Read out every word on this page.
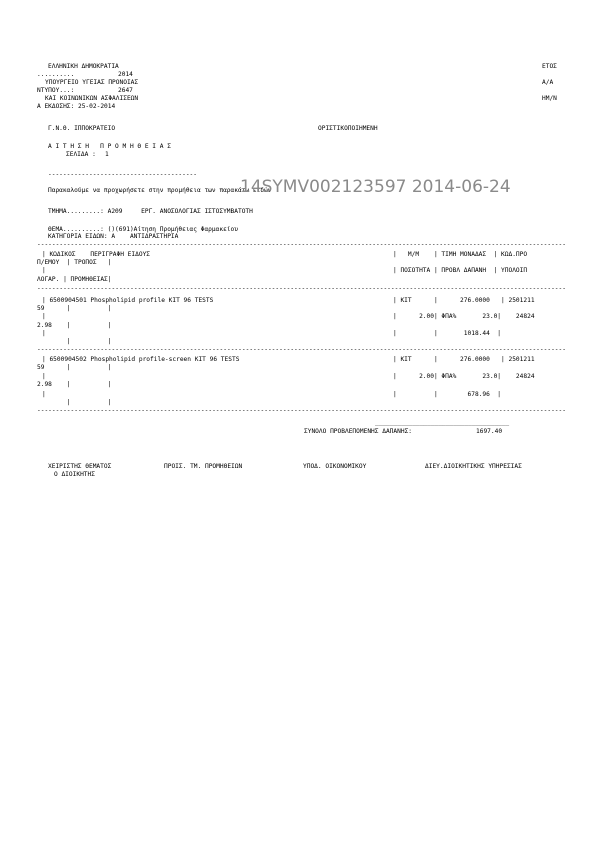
ΕΛΛΗΝΙΚΗ ΔΗΜΟΚΡΑΤΙΑ	ΕΤΟΣ
..........	2014
ΥΠΟΥΡΓΕΙΟ ΥΓΕΙΑΣ ΠΡΟΝΟΙΑΣ	Α/Α
ΝΤΥΠΟΥ...:	2647
ΚΑΙ ΚΟΙΝΩΝΙΚΩΝ ΑΣΦΑΛΙΣΕΩΝ	ΗΜ/Ν
Α ΕΚΔΟΣΗΣ: 25-02-2014
Γ.Ν.Θ. ΙΠΠΟΚΡΑΤΕΙΟ	ΟΡΙΣΤΙΚΟΠΟΙΗΜΕΝΗ
Α Ι Τ Η Σ Η   Π Ρ Ο Μ Η Θ Ε Ι Α Σ
ΣΕΛΙΔΑ : 1
----------------------------------------
Παρακαλούμε να προχωρήσετε στην προμήθεια των παρακάτω ειδών
14SYMV002123597 2014-06-24
ΤΜΗΜΑ.........: Α209     ΕΡΓ. ΑΝΟΣΟΛΟΓΙΑΣ ΙΣΤΟΣΥΜΒΑΤΟΤΗ
ΘΕΜΑ..........: ()(691)Αίτηση Προμήθειας Φαρμακείου
ΚΑΤΗΓΟΡΙΑ ΕΙΔΩΝ: Α    ΑΝΤΙΔΡΑΣΤΗΡΙΑ
----------------------------------------------------------------------------------------------------------------------------------------------
| ΚΩΔΙΚΟΣ    ΠΕΡΙΓΡΑΦΗ ΕΙΔΟΥΣ	|   Μ/Μ    | ΤΙΜΗ ΜΟΝΑΔΑΣ  | ΚΩΔ.ΠΡΟ
Π/ΕΜΟΥ  | ΤΡΟΠΟΣ   |
|	| ΠΟΣΟΤΗΤΑ | ΠΡΟΒΛ ΔΑΠΑΝΗ  | ΥΠΟΛΟΙΠ
ΛΟΓΑΡ. | ΠΡΟΜΗΘΕΙΑΣ|
----------------------------------------------------------------------------------------------------------------------------------------------
| 6500904501 Phospholipid profile KIT 96 TESTS	| KIT      |      276.0000   | 2501211
59      |          |
|	|      2.00| ΦΠΑ%       23.0|    24824
2.98    |          |
|	|          |       1018.44  |
|          |
----------------------------------------------------------------------------------------------------------------------------------------------
| 6500904502 Phospholipid profile-screen KIT 96 TESTS	| KIT      |      276.0000   | 2501211
59      |          |
|	|      2.00| ΦΠΑ%       23.0|    24824
2.98    |          |
|	|          |        678.96  |
|          |
----------------------------------------------------------------------------------------------------------------------------------------------
____________________________________
ΣΥΝΟΛΟ ΠΡΟΒΛΕΠΟΜΕΝΗΣ ΔΑΠΑΝΗΣ:	1697.40
ΧΕΙΡΙΣΤΗΣ ΘΕΜΑΤΟΣ	ΠΡΟΙΣ. ΤΜ. ΠΡΟΜΗΘΕΙΩΝ	ΥΠΟΔ. ΟΙΚΟΝΟΜΙΚΟΥ	ΔΙΕΥ.ΔΙΟΙΚΗΤΙΚΗΣ ΥΠΗΡΕΣΙΑΣ
Ο ΔΙΟΙΚΗΤΗΣ
